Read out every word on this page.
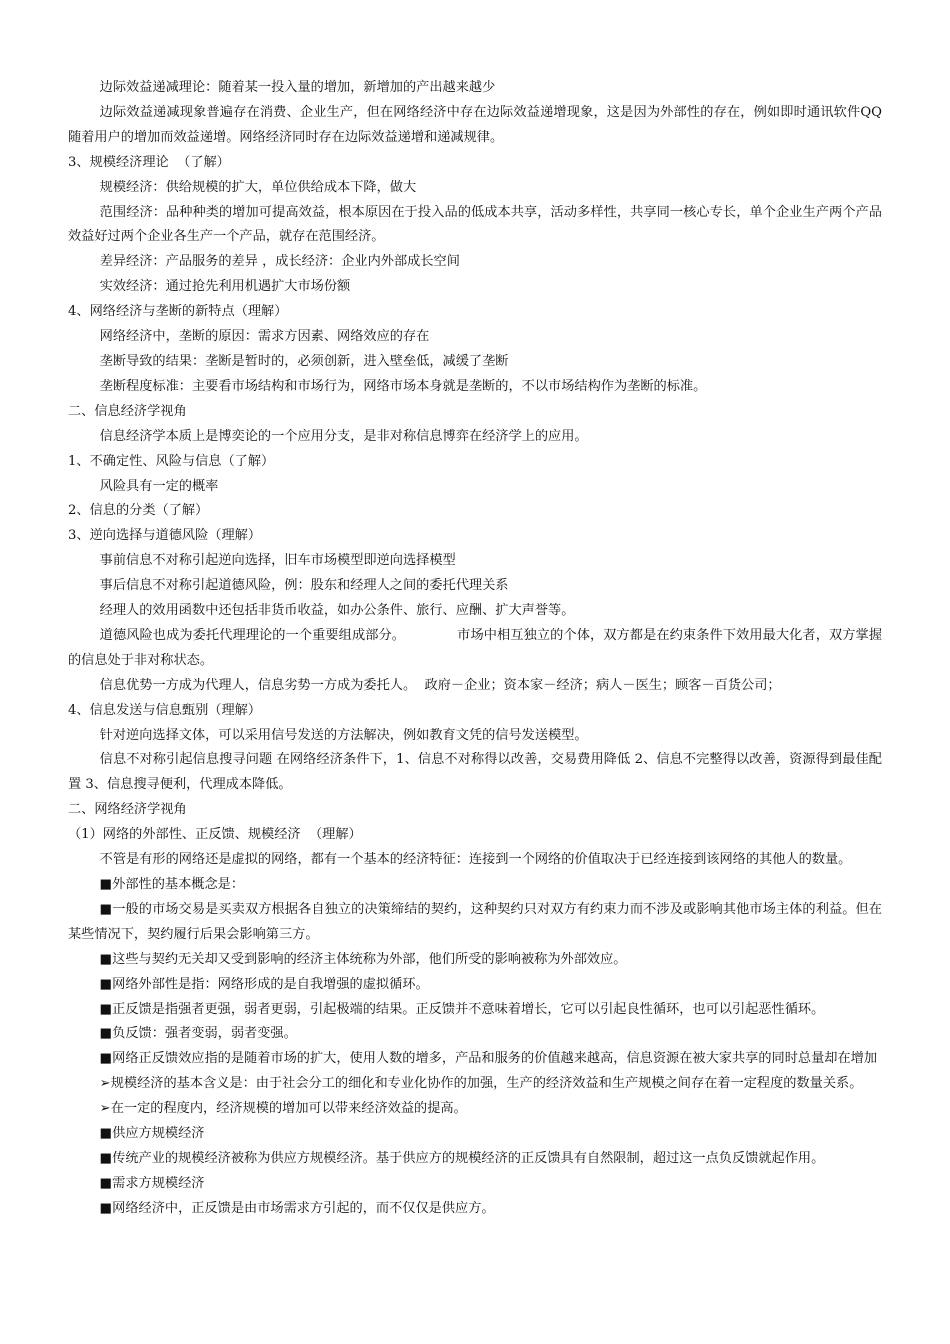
边际效益递减理论：随着某一投入量的增加，新增加的产出越来越少

边际效益递减现象普遍存在消费、企业生产，但在网络经济中存在边际效益递增现象，这是因为外部性的存在，例如即时通讯软件QQ随着用户的增加而效益递增。网络经济同时存在边际效益递增和递减规律。

3、规模经济理论  （了解）

规模经济：供给规模的扩大，单位供给成本下降，做大

范围经济：品种种类的增加可提高效益，根本原因在于投入品的低成本共享，活动多样性，共享同一核心专长，单个企业生产两个产品效益好过两个企业各生产一个产品，就存在范围经济。

差异经济：产品服务的差异 ，成长经济：企业内外部成长空间

实效经济：通过抢先利用机遇扩大市场份额

4、网络经济与垄断的新特点（理解）

网络经济中，垄断的原因：需求方因素、网络效应的存在

垄断导致的结果：垄断是暂时的，必须创新，进入壁垒低，减缓了垄断

垄断程度标准：主要看市场结构和市场行为，网络市场本身就是垄断的，不以市场结构作为垄断的标准。

二、信息经济学视角

信息经济学本质上是博奕论的一个应用分支，是非对称信息博弈在经济学上的应用。

1、不确定性、风险与信息（了解）

风险具有一定的概率

2、信息的分类（了解）

3、逆向选择与道德风险（理解）

事前信息不对称引起逆向选择，旧车市场模型即逆向选择模型

事后信息不对称引起道德风险，例：股东和经理人之间的委托代理关系

经理人的效用函数中还包括非货币收益，如办公条件、旅行、应酬、扩大声誉等。

道德风险也成为委托代理理论的一个重要组成部分。	市场中相互独立的个体，双方都是在约束条件下效用最大化者，双方掌握的信息处于非对称状态。

信息优势一方成为代理人，信息劣势一方成为委托人。  政府－企业；资本家－经济；病人－医生；顾客－百货公司；

4、信息发送与信息甄别（理解）

针对逆向选择文体，可以采用信号发送的方法解决，例如教育文凭的信号发送模型。

信息不对称引起信息搜寻问题 在网络经济条件下，1、信息不对称得以改善，交易费用降低 2、信息不完整得以改善，资源得到最佳配置 3、信息搜寻便利，代理成本降低。

二、网络经济学视角

（1）网络的外部性、正反馈、规模经济  （理解）

不管是有形的网络还是虚拟的网络，都有一个基本的经济特征：连接到一个网络的价值取决于已经连接到该网络的其他人的数量。

■外部性的基本概念是：

■一般的市场交易是买卖双方根据各自独立的决策缔结的契约，这种契约只对双方有约束力而不涉及或影响其他市场主体的利益。但在某些情况下，契约履行后果会影响第三方。

■这些与契约无关却又受到影响的经济主体统称为外部，他们所受的影响被称为外部效应。

■网络外部性是指：网络形成的是自我增强的虚拟循环。

■正反馈是指强者更强，弱者更弱，引起极端的结果。正反馈并不意味着增长，它可以引起良性循环，也可以引起恶性循环。

■负反馈：强者变弱，弱者变强。

■网络正反馈效应指的是随着市场的扩大，使用人数的增多，产品和服务的价值越来越高，信息资源在被大家共享的同时总量却在增加

➢规模经济的基本含义是：由于社会分工的细化和专业化协作的加强，生产的经济效益和生产规模之间存在着一定程度的数量关系。

➢在一定的程度内，经济规模的增加可以带来经济效益的提高。

■供应方规模经济

■传统产业的规模经济被称为供应方规模经济。基于供应方的规模经济的正反馈具有自然限制，超过这一点负反馈就起作用。

■需求方规模经济

■网络经济中，正反馈是由市场需求方引起的，而不仅仅是供应方。
